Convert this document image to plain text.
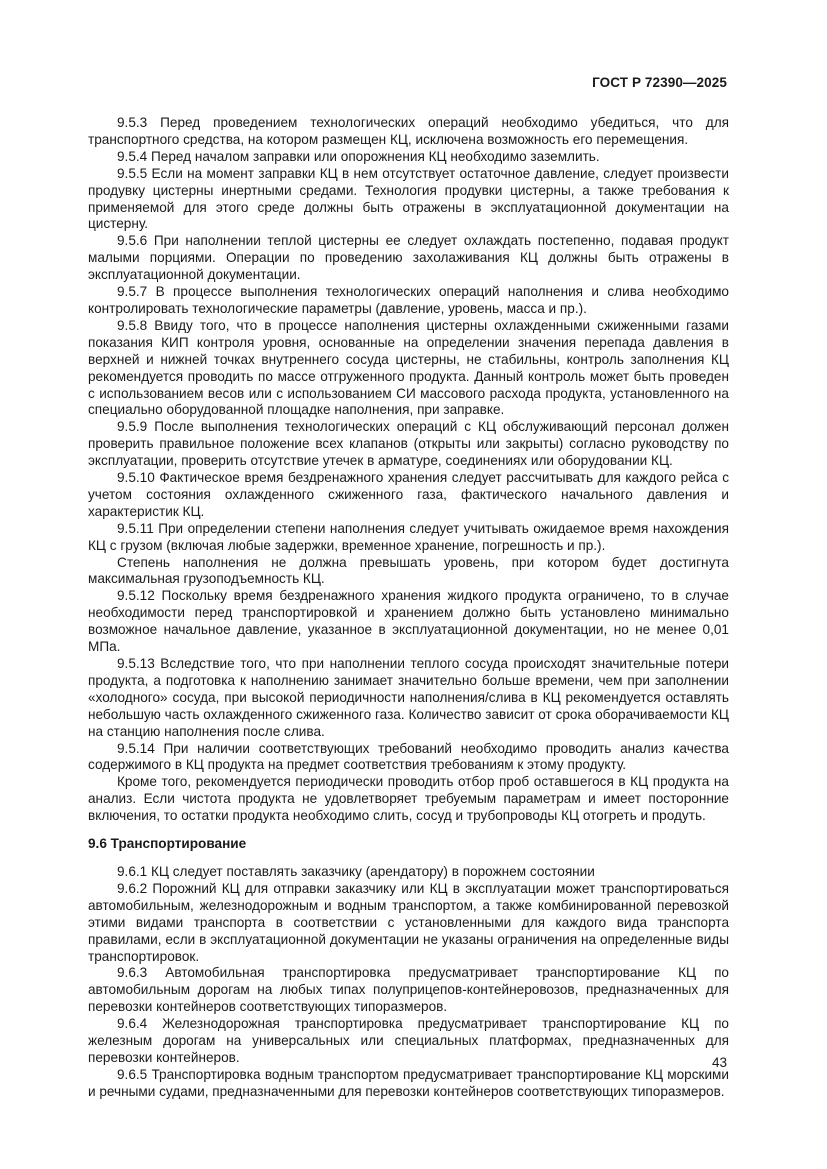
ГОСТ Р 72390—2025

9.5.3 Перед проведением технологических операций необходимо убедиться, что для транспортного средства, на котором размещен КЦ, исключена возможность его перемещения.

9.5.4 Перед началом заправки или опорожнения КЦ необходимо заземлить.

9.5.5 Если на момент заправки КЦ в нем отсутствует остаточное давление, следует произвести продувку цистерны инертными средами. Технология продувки цистерны, а также требования к применяемой для этого среде должны быть отражены в эксплуатационной документации на цистерну.

9.5.6 При наполнении теплой цистерны ее следует охлаждать постепенно, подавая продукт малыми порциями. Операции по проведению захолаживания КЦ должны быть отражены в эксплуатационной документации.

9.5.7 В процессе выполнения технологических операций наполнения и слива необходимо контролировать технологические параметры (давление, уровень, масса и пр.).

9.5.8 Ввиду того, что в процессе наполнения цистерны охлажденными сжиженными газами показания КИП контроля уровня, основанные на определении значения перепада давления в верхней и нижней точках внутреннего сосуда цистерны, не стабильны, контроль заполнения КЦ рекомендуется проводить по массе отгруженного продукта. Данный контроль может быть проведен с использованием весов или с использованием СИ массового расхода продукта, установленного на специально оборудованной площадке наполнения, при заправке.

9.5.9 После выполнения технологических операций с КЦ обслуживающий персонал должен проверить правильное положение всех клапанов (открыты или закрыты) согласно руководству по эксплуатации, проверить отсутствие утечек в арматуре, соединениях или оборудовании КЦ.

9.5.10 Фактическое время бездренажного хранения следует рассчитывать для каждого рейса с учетом состояния охлажденного сжиженного газа, фактического начального давления и характеристик КЦ.

9.5.11 При определении степени наполнения следует учитывать ожидаемое время нахождения КЦ с грузом (включая любые задержки, временное хранение, погрешность и пр.).

Степень наполнения не должна превышать уровень, при котором будет достигнута максимальная грузоподъемность КЦ.

9.5.12 Поскольку время бездренажного хранения жидкого продукта ограничено, то в случае необходимости перед транспортировкой и хранением должно быть установлено минимально возможное начальное давление, указанное в эксплуатационной документации, но не менее 0,01 МПа.

9.5.13 Вследствие того, что при наполнении теплого сосуда происходят значительные потери продукта, а подготовка к наполнению занимает значительно больше времени, чем при заполнении «холодного» сосуда, при высокой периодичности наполнения/слива в КЦ рекомендуется оставлять небольшую часть охлажденного сжиженного газа. Количество зависит от срока оборачиваемости КЦ на станцию наполнения после слива.

9.5.14 При наличии соответствующих требований необходимо проводить анализ качества содержимого в КЦ продукта на предмет соответствия требованиям к этому продукту.

Кроме того, рекомендуется периодически проводить отбор проб оставшегося в КЦ продукта на анализ. Если чистота продукта не удовлетворяет требуемым параметрам и имеет посторонние включения, то остатки продукта необходимо слить, сосуд и трубопроводы КЦ отогреть и продуть.

9.6 Транспортирование

9.6.1 КЦ следует поставлять заказчику (арендатору) в порожнем состоянии

9.6.2 Порожний КЦ для отправки заказчику или КЦ в эксплуатации может транспортироваться автомобильным, железнодорожным и водным транспортом, а также комбинированной перевозкой этими видами транспорта в соответствии с установленными для каждого вида транспорта правилами, если в эксплуатационной документации не указаны ограничения на определенные виды транспортировок.

9.6.3 Автомобильная транспортировка предусматривает транспортирование КЦ по автомобильным дорогам на любых типах полуприцепов-контейнеровозов, предназначенных для перевозки контейнеров соответствующих типоразмеров.

9.6.4 Железнодорожная транспортировка предусматривает транспортирование КЦ по железным дорогам на универсальных или специальных платформах, предназначенных для перевозки контейнеров.

9.6.5 Транспортировка водным транспортом предусматривает транспортирование КЦ морскими и речными судами, предназначенными для перевозки контейнеров соответствующих типоразмеров.

43
